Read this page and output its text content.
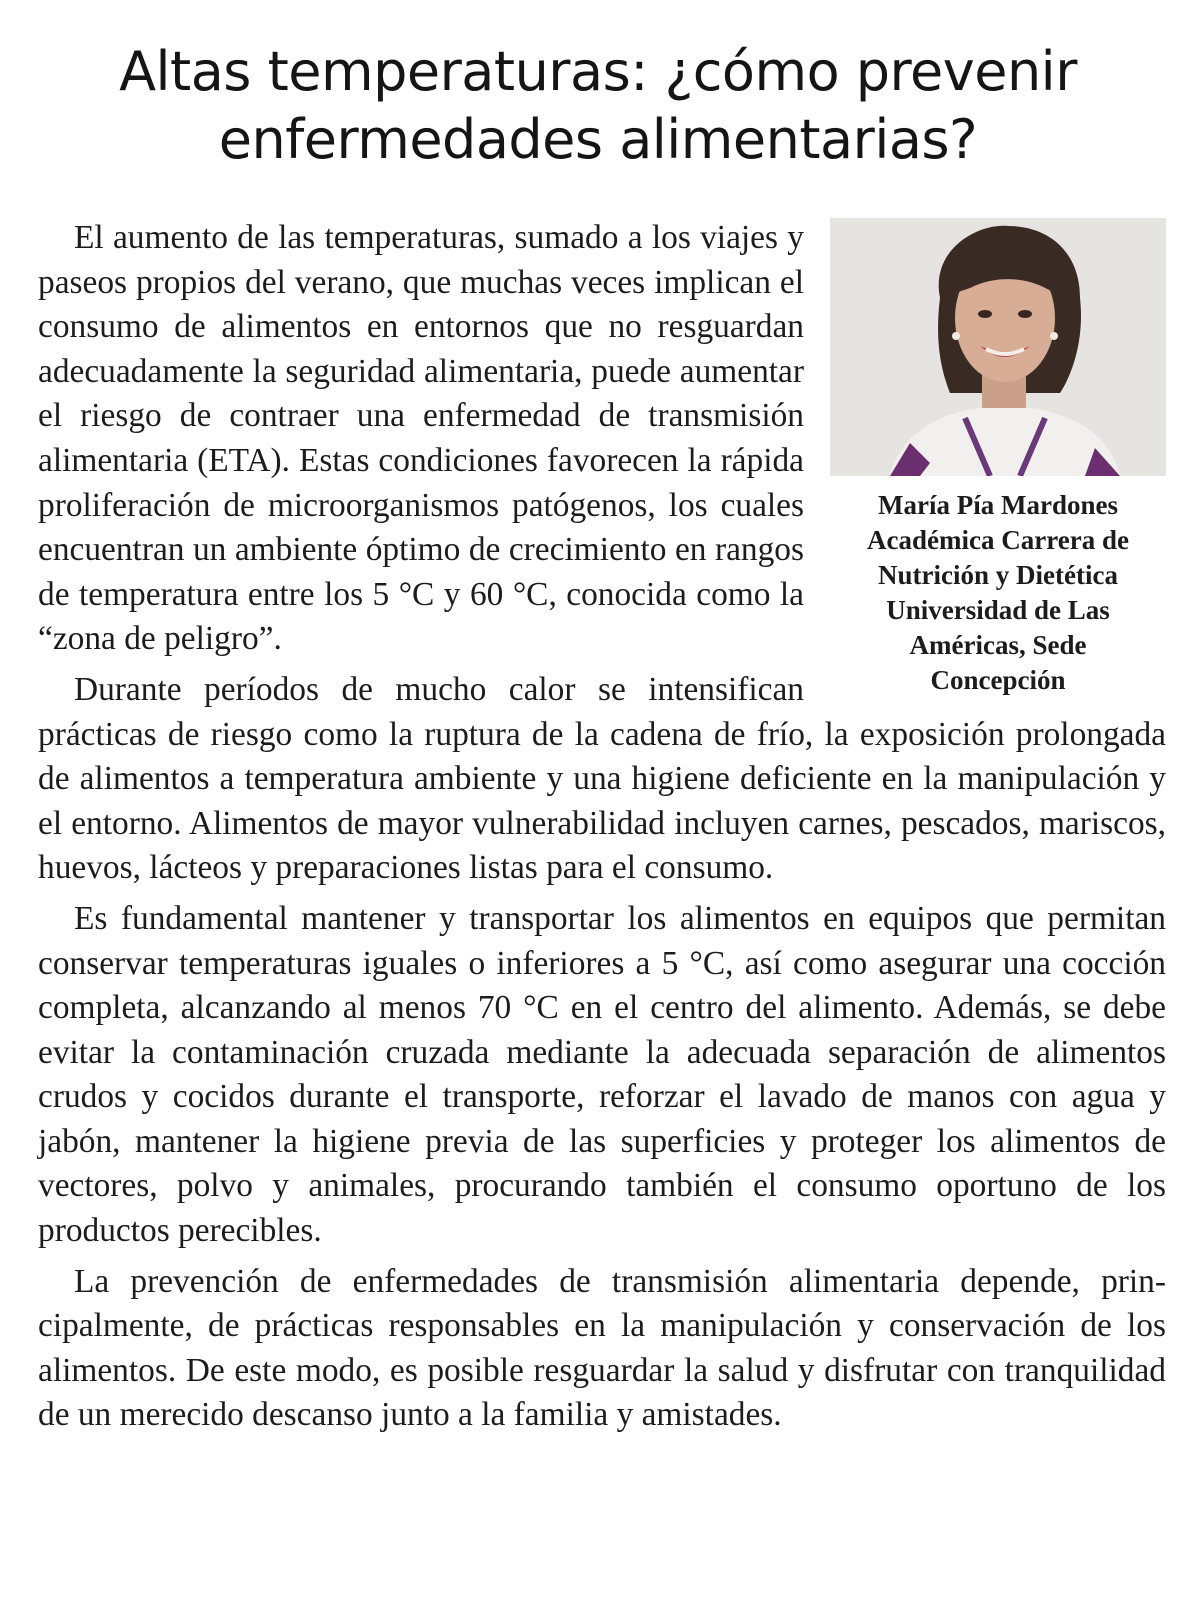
Altas temperaturas: ¿cómo prevenir enfermedades alimentarias?
María Pía Mardones
Académica Carrera de
Nutrición y Dietética
Universidad de Las
Américas, Sede
Concepción

El aumento de las temperaturas, sumado a los viajes y paseos propios del verano, que muchas veces implican el consumo de alimentos en entornos que no resguardan adecuadamente la seguridad alimentaria, puede aumentar el riesgo de contraer una enfermedad de transmisión alimentaria (ETA). Estas condiciones favorecen la rápida proliferación de microorganismos patógenos, los cuales encuentran un ambiente óptimo de crecimiento en rangos de temperatura entre los 5 °C y 60 °C, conocida como la “zona de peligro”.

Durante períodos de mucho calor se intensifican prácticas de riesgo como la ruptura de la cadena de frío, la exposición prolongada de alimentos a temperatura ambiente y una higiene deficiente en la manipulación y el entorno. Alimentos de mayor vulnerabilidad incluyen carnes, pescados, mariscos, huevos, lácteos y preparaciones listas para el consumo.

Es fundamental mantener y transportar los alimentos en equipos que permitan conservar temperaturas iguales o inferiores a 5 °C, así como asegurar una cocción completa, alcanzando al menos 70 °C en el centro del alimento. Además, se debe evitar la contaminación cruzada mediante la adecuada separación de alimentos crudos y cocidos durante el transporte, reforzar el lavado de manos con agua y jabón, mantener la higiene previa de las superficies y proteger los alimentos de vectores, polvo y animales, procurando también el consumo oportuno de los productos perecibles.

La prevención de enfermedades de transmisión alimentaria depende, principalmente, de prácticas responsables en la manipulación y conservación de los alimentos. De este modo, es posible resguardar la salud y disfrutar con tranquilidad de un merecido descanso junto a la familia y amistades.
